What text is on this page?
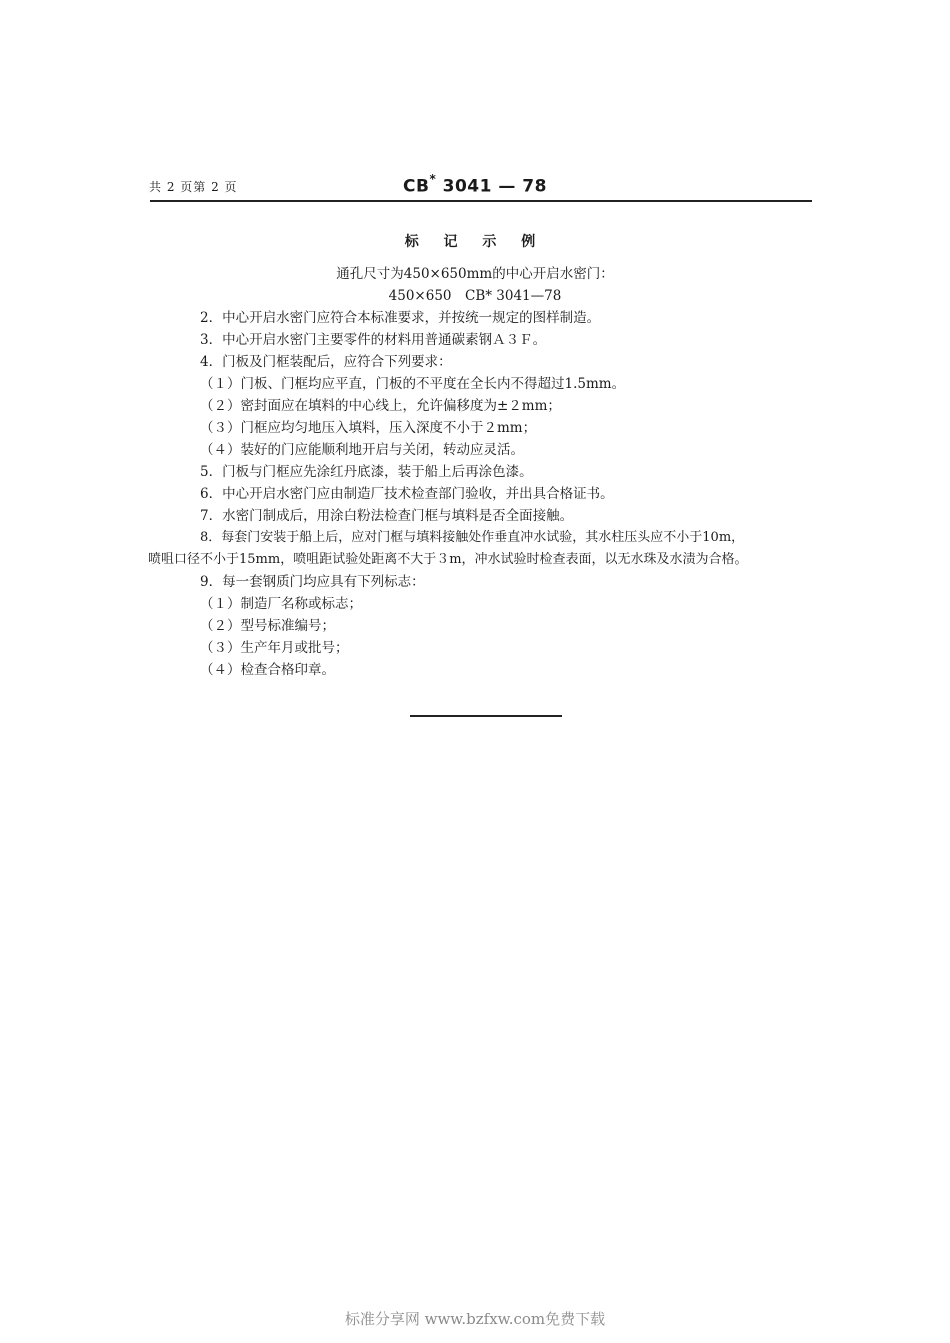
共 2 页第 2 页	CB* 3041 — 78
标 记 示 例
通孔尺寸为450×650mm的中心开启水密门：
450×650　CB* 3041—78
2．中心开启水密门应符合本标准要求，并按统一规定的图样制造。
3．中心开启水密门主要零件的材料用普通碳素钢Ａ３Ｆ。
4．门板及门框装配后，应符合下列要求：
（１）门板、门框均应平直，门板的不平度在全长内不得超过1.5mm。
（２）密封面应在填料的中心线上，允许偏移度为±２mm；
（３）门框应均匀地压入填料，压入深度不小于２mm；
（４）装好的门应能顺利地开启与关闭，转动应灵活。
5．门板与门框应先涂红丹底漆，装于船上后再涂色漆。
6．中心开启水密门应由制造厂技术检查部门验收，并出具合格证书。
7．水密门制成后，用涂白粉法检查门框与填料是否全面接触。
8．每套门安装于船上后，应对门框与填料接触处作垂直冲水试验，其水柱压头应不小于10m，
喷咀口径不小于15mm，喷咀距试验处距离不大于３m，冲水试验时检查表面，以无水珠及水渍为合格。
9．每一套钢质门均应具有下列标志：
（１）制造厂名称或标志；
（２）型号标准编号；
（３）生产年月或批号；
（４）检查合格印章。
标准分享网 www.bzfxw.com免费下载
